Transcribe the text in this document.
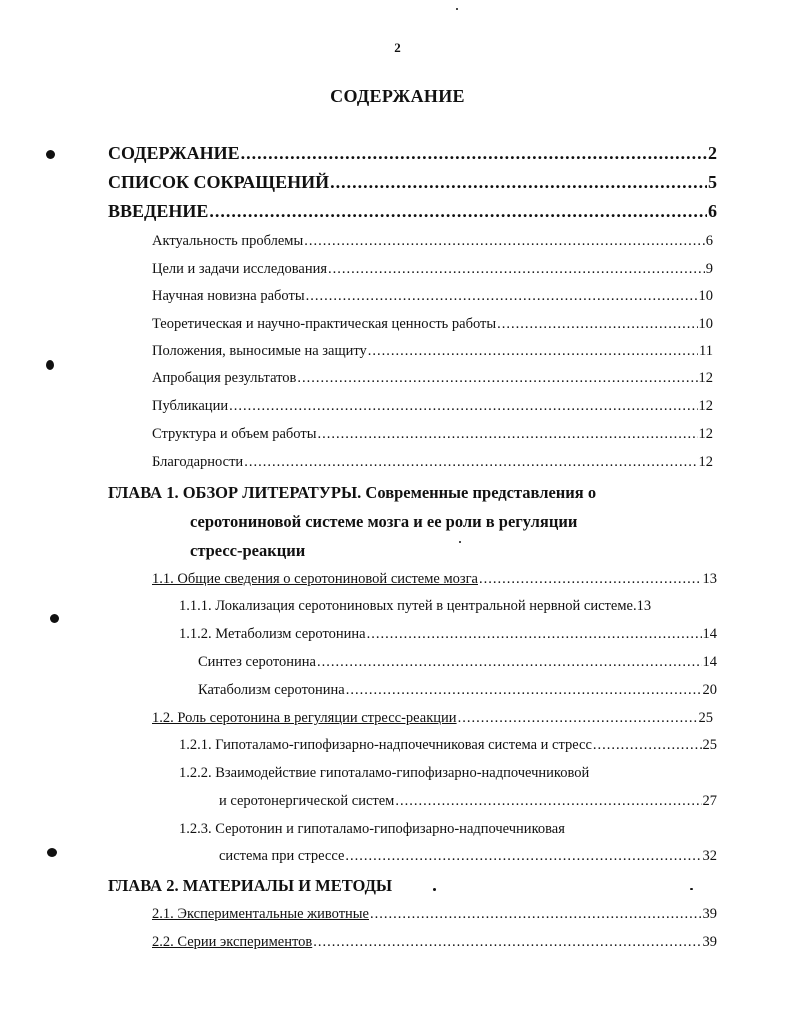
2
СОДЕРЖАНИЕ
СОДЕРЖАНИЕ .....	2
СПИСОК СОКРАЩЕНИЙ .....	5
ВВЕДЕНИЕ .....	6
Актуальность проблемы .....	6
Цели и задачи исследования .....	9
Научная новизна работы .....	10
Теоретическая и научно-практическая ценность работы .....	10
Положения, выносимые на защиту .....	11
Апробация результатов .....	12
Публикации .....	12
Структура и объем работы .....	12
Благодарности .....	12
ГЛАВА 1. ОБЗОР ЛИТЕРАТУРЫ. Современные представления о
серотониновой системе мозга и ее роли в регуляции
стресс-реакции
1.1. Общие сведения о серотониновой системе мозга .....	13
1.1.1. Локализация серотониновых путей в центральной нервной системе. 13
1.1.2. Метаболизм серотонина .....	14
Синтез серотонина .....	14
Катаболизм серотонина .....	20
1.2. Роль серотонина в регуляции стресс-реакции .....	25
1.2.1. Гипоталамо-гипофизарно-надпочечниковая система и стресс .....	25
1.2.2. Взаимодействие гипоталамо-гипофизарно-надпочечниковой
и серотонергической систем .....	27
1.2.3. Серотонин и гипоталамо-гипофизарно-надпочечниковая
система при стрессе .....	32
ГЛАВА 2. МАТЕРИАЛЫ И МЕТОДЫ
2.1. Экспериментальные животные .....	39
2.2. Серии экспериментов .....	39
